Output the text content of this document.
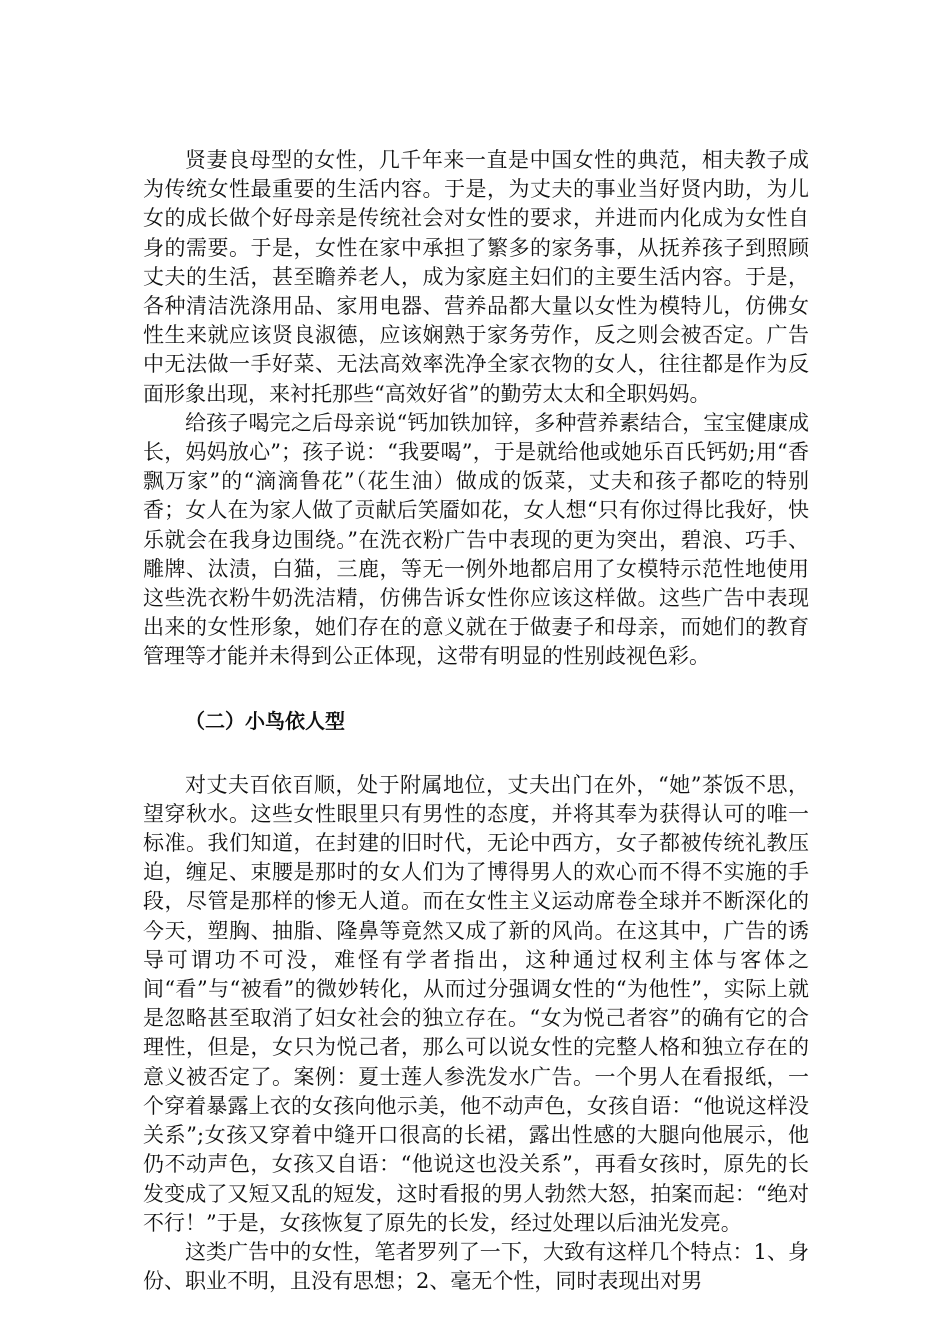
贤妻良母型的女性，几千年来一直是中国女性的典范，相夫教子成为传统女性最重要的生活内容。于是，为丈夫的事业当好贤内助，为儿女的成长做个好母亲是传统社会对女性的要求，并进而内化成为女性自身的需要。于是，女性在家中承担了繁多的家务事，从抚养孩子到照顾丈夫的生活，甚至瞻养老人，成为家庭主妇们的主要生活内容。于是，各种清洁洗涤用品、家用电器、营养品都大量以女性为模特儿，仿佛女性生来就应该贤良淑德，应该娴熟于家务劳作，反之则会被否定。广告中无法做一手好菜、无法高效率洗净全家衣物的女人，往往都是作为反面形象出现，来衬托那些“高效好省”的勤劳太太和全职妈妈。

给孩子喝完之后母亲说“钙加铁加锌，多种营养素结合，宝宝健康成长，妈妈放心”；孩子说：“我要喝”，于是就给他或她乐百氏钙奶;用“香飘万家”的“滴滴鲁花”（花生油）做成的饭菜，丈夫和孩子都吃的特别香；女人在为家人做了贡献后笑靥如花，女人想“只有你过得比我好，快乐就会在我身边围绕。”在洗衣粉广告中表现的更为突出，碧浪、巧手、雕牌、汰渍，白猫，三鹿，等无一例外地都启用了女模特示范性地使用这些洗衣粉牛奶洗洁精，仿佛告诉女性你应该这样做。这些广告中表现出来的女性形象，她们存在的意义就在于做妻子和母亲，而她们的教育管理等才能并未得到公正体现，这带有明显的性别歧视色彩。

（二）小鸟依人型

对丈夫百依百顺，处于附属地位，丈夫出门在外，“她”茶饭不思，望穿秋水。这些女性眼里只有男性的态度，并将其奉为获得认可的唯一标准。我们知道，在封建的旧时代，无论中西方，女子都被传统礼教压迫，缠足、束腰是那时的女人们为了博得男人的欢心而不得不实施的手段，尽管是那样的惨无人道。而在女性主义运动席卷全球并不断深化的今天，塑胸、抽脂、隆鼻等竟然又成了新的风尚。在这其中，广告的诱导可谓功不可没，难怪有学者指出，这种通过权利主体与客体之间“看”与“被看”的微妙转化，从而过分强调女性的“为他性”，实际上就是忽略甚至取消了妇女社会的独立存在。“女为悦己者容”的确有它的合理性，但是，女只为悦己者，那么可以说女性的完整人格和独立存在的意义被否定了。案例：夏士莲人参洗发水广告。一个男人在看报纸，一个穿着暴露上衣的女孩向他示美，他不动声色，女孩自语：“他说这样没关系”;女孩又穿着中缝开口很高的长裙，露出性感的大腿向他展示，他仍不动声色，女孩又自语：“他说这也没关系”，再看女孩时，原先的长发变成了又短又乱的短发，这时看报的男人勃然大怒，拍案而起：“绝对不行！”于是，女孩恢复了原先的长发，经过处理以后油光发亮。

这类广告中的女性，笔者罗列了一下，大致有这样几个特点：1、身份、职业不明，且没有思想；2、毫无个性，同时表现出对男
